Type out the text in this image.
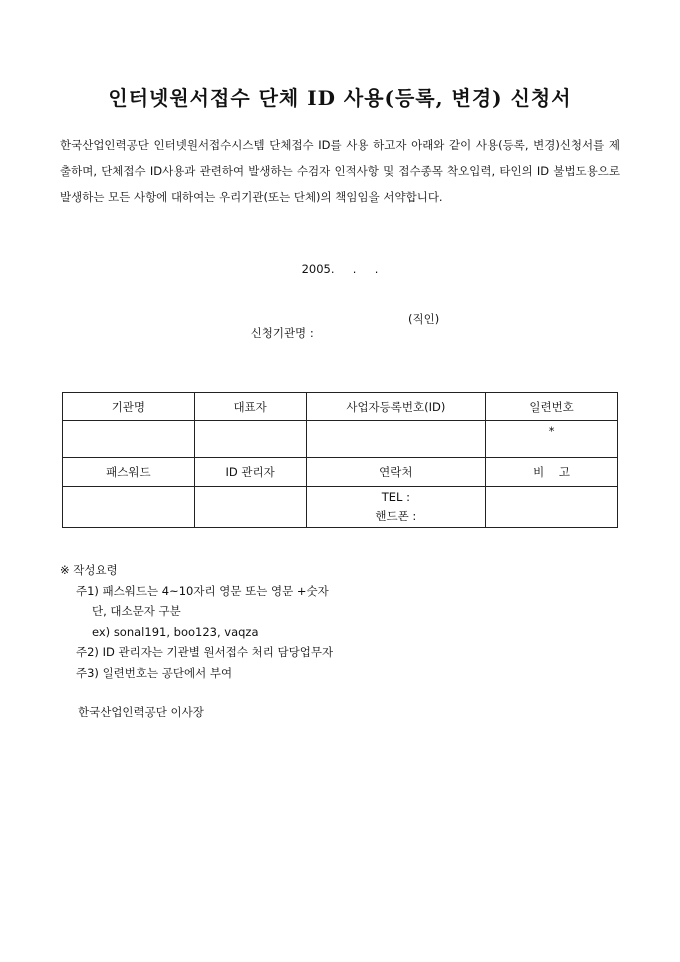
인터넷원서접수 단체 ID 사용(등록, 변경) 신청서

한국산업인력공단 인터넷원서접수시스템 단체접수 ID를 사용 하고자 아래와 같이 사용(등록, 변경)신청서를 제출하며, 단체접수 ID사용과 관련하여 발생하는 수검자 인적사항 및 접수종목 착오입력, 타인의 ID 불법도용으로 발생하는 모든 사항에 대하여는 우리기관(또는 단체)의 책임임을 서약합니다.

2005.     .     .

신청기관명 :

(직인)

기관명	대표자	사업자등록번호(ID)	일련번호

			*

패스워드	ID 관리자	연락처	비    고

		TEL :
핸드폰 :	

※ 작성요령
주1) 패스워드는 4~10자리 영문 또는 영문 +숫자
단, 대소문자 구분
ex) sonal191, boo123, vaqza
주2) ID 관리자는 기관별 원서접수 처리 담당업무자
주3) 일련번호는 공단에서 부여
한국산업인력공단 이사장
